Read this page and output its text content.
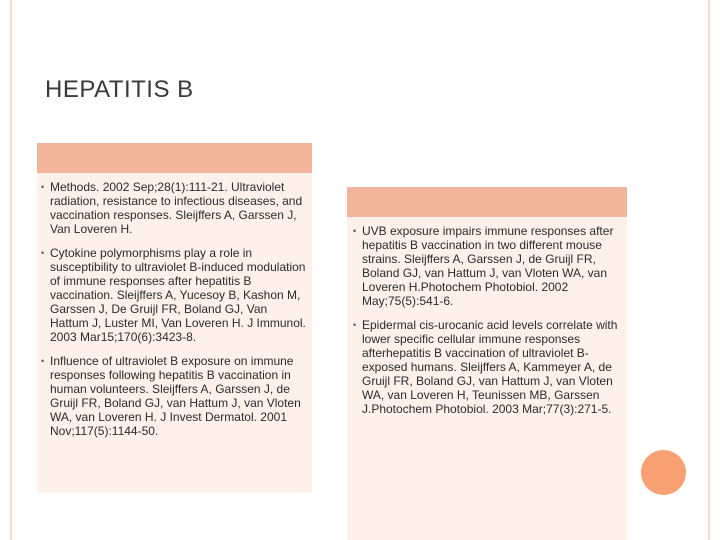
HEPATITIS B
• Methods. 2002 Sep;28(1):111-21. Ultraviolet radiation, resistance to infectious diseases, and vaccination responses. Sleijffers A, Garssen J, Van Loveren H.
• Cytokine polymorphisms play a role in susceptibility to ultraviolet B-induced modulation of immune responses after hepatitis B vaccination. Sleijffers A, Yucesoy B, Kashon M, Garssen J, De Gruijl FR, Boland GJ, Van Hattum J, Luster MI, Van Loveren H. J Immunol. 2003 Mar15;170(6):3423-8.
• Influence of ultraviolet B exposure on immune responses following hepatitis B vaccination in human volunteers. Sleijffers A, Garssen J, de Gruijl FR, Boland GJ, van Hattum J, van Vloten WA, van Loveren H. J Invest Dermatol. 2001 Nov;117(5):1144-50.
• UVB exposure impairs immune responses after hepatitis B vaccination in two different mouse strains. Sleijffers A, Garssen J, de Gruijl FR, Boland GJ, van Hattum J, van Vloten WA, van Loveren H.Photochem Photobiol. 2002 May;75(5):541-6.
• Epidermal cis-urocanic acid levels correlate with lower specific cellular immune responses afterhepatitis B vaccination of ultraviolet B-exposed humans. Sleijffers A, Kammeyer A, de Gruijl FR, Boland GJ, van Hattum J, van Vloten WA, van Loveren H, Teunissen MB, Garssen J.Photochem Photobiol. 2003 Mar;77(3):271-5.
